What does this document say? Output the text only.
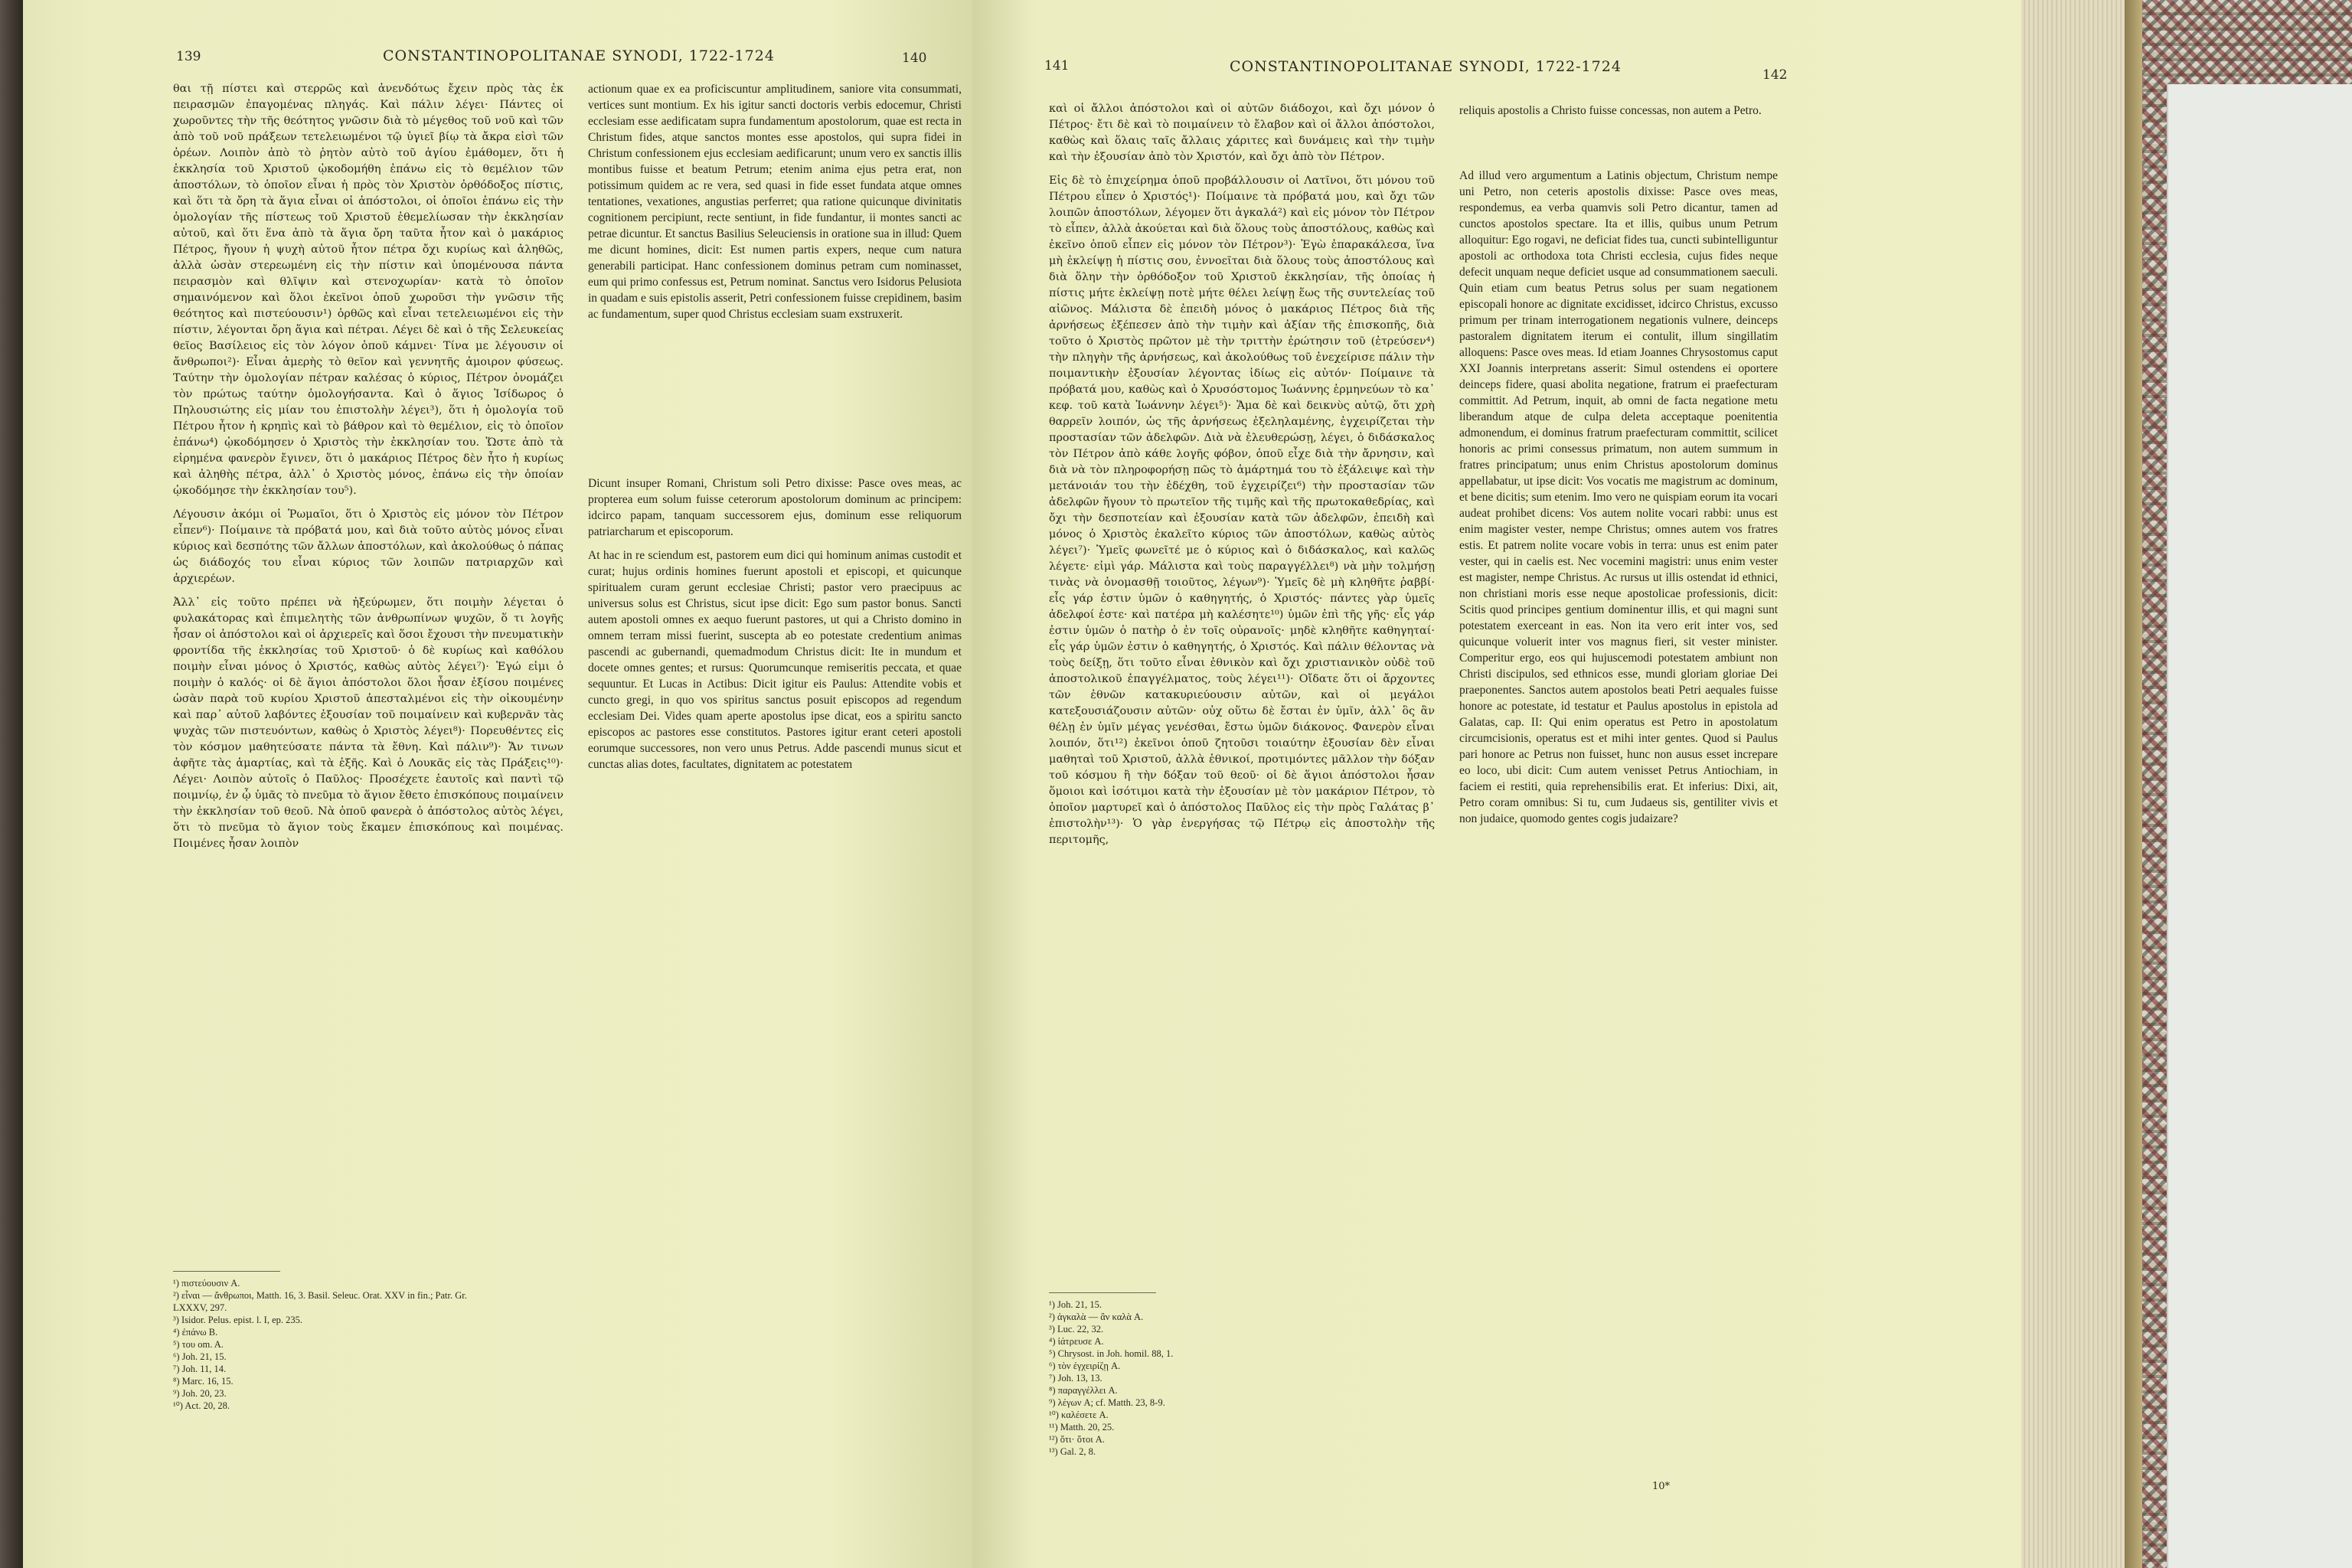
139	CONSTANTINOPOLITANAE SYNODI, 1722-1724	140

θαι τῇ πίστει καὶ στερρῶς καὶ ἀνενδότως ἔχειν πρὸς τὰς ἐκ πειρασμῶν ἐπαγομένας πληγάς. Καὶ πάλιν λέγει· Πάντες οἱ χωροῦντες τὴν τῆς θεότητος γνῶσιν διὰ τὸ μέγεθος τοῦ νοῦ καὶ τῶν ἀπὸ τοῦ νοῦ πράξεων τετελειωμένοι τῷ ὑγιεῖ βίῳ τὰ ἄκρα εἰσὶ τῶν ὀρέων. Λοιπὸν ἀπὸ τὸ ῥητὸν αὐτὸ τοῦ ἁγίου ἐμάθομεν, ὅτι ἡ ἐκκλησία τοῦ Χριστοῦ ᾠκοδομήθη ἐπάνω εἰς τὸ θεμέλιον τῶν ἀποστόλων, τὸ ὁποῖον εἶναι ἡ πρὸς τὸν Χριστὸν ὀρθόδοξος πίστις, καὶ ὅτι τὰ ὄρη τὰ ἅγια εἶναι οἱ ἀπόστολοι, οἱ ὁποῖοι ἐπάνω εἰς τὴν ὁμολογίαν τῆς πίστεως τοῦ Χριστοῦ ἐθεμελίωσαν τὴν ἐκκλησίαν αὐτοῦ, καὶ ὅτι ἕνα ἀπὸ τὰ ἅγια ὄρη ταῦτα ἦτον καὶ ὁ μακάριος Πέτρος, ἤγουν ἡ ψυχὴ αὐτοῦ ἦτον πέτρα ὄχι κυρίως καὶ ἀληθῶς, ἀλλὰ ὡσὰν στερεωμένη εἰς τὴν πίστιν καὶ ὑπομένουσα πάντα πειρασμὸν καὶ θλῖψιν καὶ στενοχωρίαν· κατὰ τὸ ὁποῖον σημαινόμενον καὶ ὅλοι ἐκεῖνοι ὁποῦ χωροῦσι τὴν γνῶσιν τῆς θεότητος καὶ πιστεύουσιν¹) ὀρθῶς καὶ εἶναι τετελειωμένοι εἰς τὴν πίστιν, λέγονται ὄρη ἅγια καὶ πέτραι. Λέγει δὲ καὶ ὁ τῆς Σελευκείας θεῖος Βασίλειος εἰς τὸν λόγον ὁποῦ κάμνει· Τίνα με λέγουσιν οἱ ἄνθρωποι²)· Εἶναι ἀμερὴς τὸ θεῖον καὶ γεννητῆς ἀμοιρον φύσεως. Ταύτην τὴν ὁμολογίαν πέτραν καλέσας ὁ κύριος, Πέτρον ὀνομάζει τὸν πρώτως ταύτην ὁμολογήσαντα. Καὶ ὁ ἅγιος Ἰσίδωρος ὁ Πηλουσιώτης εἰς μίαν του ἐπιστολὴν λέγει³), ὅτι ἡ ὁμολογία τοῦ Πέτρου ἦτον ἡ κρηπὶς καὶ τὸ βάθρον καὶ τὸ θεμέλιον, εἰς τὸ ὁποῖον ἐπάνω⁴) ᾠκοδόμησεν ὁ Χριστὸς τὴν ἐκκλησίαν του. Ὥστε ἀπὸ τὰ εἰρημένα φανερὸν ἔγινεν, ὅτι ὁ μακάριος Πέτρος δὲν ἦτο ἡ κυρίως καὶ ἀληθὴς πέτρα, ἀλλ᾽ ὁ Χριστὸς μόνος, ἐπάνω εἰς τὴν ὁποίαν ᾠκοδόμησε τὴν ἐκκλησίαν του⁵).

Λέγουσιν ἀκόμι οἱ Ῥωμαῖοι, ὅτι ὁ Χριστὸς εἰς μόνον τὸν Πέτρον εἶπεν⁶)· Ποίμαινε τὰ πρόβατά μου, καὶ διὰ τοῦτο αὐτὸς μόνος εἶναι κύριος καὶ δεσπότης τῶν ἄλλων ἀποστόλων, καὶ ἀκολούθως ὁ πάπας ὡς διάδοχός του εἶναι κύριος τῶν λοιπῶν πατριαρχῶν καὶ ἀρχιερέων.

Ἀλλ᾽ εἰς τοῦτο πρέπει νὰ ἠξεύρωμεν, ὅτι ποιμὴν λέγεται ὁ φυλακάτορας καὶ ἐπιμελητὴς τῶν ἀνθρωπίνων ψυχῶν, ὅ τι λογῆς ἦσαν οἱ ἀπόστολοι καὶ οἱ ἀρχιερεῖς καὶ ὅσοι ἔχουσι τὴν πνευματικὴν φροντίδα τῆς ἐκκλησίας τοῦ Χριστοῦ· ὁ δὲ κυρίως καὶ καθόλου ποιμὴν εἶναι μόνος ὁ Χριστός, καθὼς αὐτὸς λέγει⁷)· Ἐγώ εἰμι ὁ ποιμὴν ὁ καλός· οἱ δὲ ἅγιοι ἀπόστολοι ὅλοι ἦσαν ἐξίσου ποιμένες ὡσὰν παρὰ τοῦ κυρίου Χριστοῦ ἀπεσταλμένοι εἰς τὴν οἰκουμένην καὶ παρ᾽ αὐτοῦ λαβόντες ἐξουσίαν τοῦ ποιμαίνειν καὶ κυβερνᾶν τὰς ψυχὰς τῶν πιστευόντων, καθὼς ὁ Χριστὸς λέγει⁸)· Πορευθέντες εἰς τὸν κόσμον μαθητεύσατε πάντα τὰ ἔθνη. Καὶ πάλιν⁹)· Ἄν τινων ἀφῆτε τὰς ἁμαρτίας, καὶ τὰ ἑξῆς. Καὶ ὁ Λουκᾶς εἰς τὰς Πράξεις¹⁰)· Λέγει· Λοιπὸν αὐτοῖς ὁ Παῦλος· Προσέχετε ἑαυτοῖς καὶ παντὶ τῷ ποιμνίῳ, ἐν ᾧ ὑμᾶς τὸ πνεῦμα τὸ ἅγιον ἔθετο ἐπισκόπους ποιμαίνειν τὴν ἐκκλησίαν τοῦ θεοῦ. Νὰ ὁποῦ φανερὰ ὁ ἀπόστολος αὐτὸς λέγει, ὅτι τὸ πνεῦμα τὸ ἅγιον τοὺς ἔκαμεν ἐπισκόπους καὶ ποιμένας. Ποιμένες ἦσαν λοιπὸν

actionum quae ex ea proficiscuntur amplitudinem, saniore vita consummati, vertices sunt montium. Ex his igitur sancti doctoris verbis edocemur, Christi ecclesiam esse aedificatam supra fundamentum apostolorum, quae est recta in Christum fides, atque sanctos montes esse apostolos, qui supra fidei in Christum confessionem ejus ecclesiam aedificarunt; unum vero ex sanctis illis montibus fuisse et beatum Petrum; etenim anima ejus petra erat, non potissimum quidem ac re vera, sed quasi in fide esset fundata atque omnes tentationes, vexationes, angustias perferret; qua ratione quicunque divinitatis cognitionem percipiunt, recte sentiunt, in fide fundantur, ii montes sancti ac petrae dicuntur. Et sanctus Basilius Seleuciensis in oratione sua in illud: Quem me dicunt homines, dicit: Est numen partis expers, neque cum natura generabili participat. Hanc confessionem dominus petram cum nominasset, eum qui primo confessus est, Petrum nominat. Sanctus vero Isidorus Pelusiota in quadam e suis epistolis asserit, Petri confessionem fuisse crepidinem, basim ac fundamentum, super quod Christus ecclesiam suam exstruxerit.

Dicunt insuper Romani, Christum soli Petro dixisse: Pasce oves meas, ac propterea eum solum fuisse ceterorum apostolorum dominum ac principem: idcirco papam, tanquam successorem ejus, dominum esse reliquorum patriarcharum et episcoporum.

At hac in re sciendum est, pastorem eum dici qui hominum animas custodit et curat; hujus ordinis homines fuerunt apostoli et episcopi, et quicunque spiritualem curam gerunt ecclesiae Christi; pastor vero praecipuus ac universus solus est Christus, sicut ipse dicit: Ego sum pastor bonus. Sancti autem apostoli omnes ex aequo fuerunt pastores, ut qui a Christo domino in omnem terram missi fuerint, suscepta ab eo potestate credentium animas pascendi ac gubernandi, quemadmodum Christus dicit: Ite in mundum et docete omnes gentes; et rursus: Quorumcunque remiseritis peccata, et quae sequuntur. Et Lucas in Actibus: Dicit igitur eis Paulus: Attendite vobis et cuncto gregi, in quo vos spiritus sanctus posuit episcopos ad regendum ecclesiam Dei. Vides quam aperte apostolus ipse dicat, eos a spiritu sancto episcopos ac pastores esse constitutos. Pastores igitur erant ceteri apostoli eorumque successores, non vero unus Petrus. Adde pascendi munus sicut et cunctas alias dotes, facultates, dignitatem ac potestatem

¹) πιστεύουσιν A.
²) εἶναι — ἄνθρωποι, Matth. 16, 3. Basil. Seleuc. Orat. XXV in fin.; Patr. Gr. LXXXV, 297.
³) Isidor. Pelus. epist. l. I, ep. 235.
⁴) ἐπάνω B.
⁵) του om. A.
⁶) Joh. 21, 15.
⁷) Joh. 11, 14.
⁸) Marc. 16, 15.
⁹) Joh. 20, 23.
¹⁰) Act. 20, 28.
141	CONSTANTINOPOLITANAE SYNODI, 1722-1724	142

καὶ οἱ ἄλλοι ἀπόστολοι καὶ οἱ αὐτῶν διάδοχοι, καὶ ὄχι μόνον ὁ Πέτρος· ἔτι δὲ καὶ τὸ ποιμαίνειν τὸ ἔλαβον καὶ οἱ ἄλλοι ἀπόστολοι, καθὼς καὶ ὅλαις ταῖς ἄλλαις χάριτες καὶ δυνάμεις καὶ τὴν τιμὴν καὶ τὴν ἐξουσίαν ἀπὸ τὸν Χριστόν, καὶ ὄχι ἀπὸ τὸν Πέτρον.

Εἰς δὲ τὸ ἐπιχείρημα ὁποῦ προβάλλουσιν οἱ Λατῖνοι, ὅτι μόνου τοῦ Πέτρου εἶπεν ὁ Χριστός¹)· Ποίμαινε τὰ πρόβατά μου, καὶ ὄχι τῶν λοιπῶν ἀποστόλων, λέγομεν ὅτι ἀγκαλά²) καὶ εἰς μόνον τὸν Πέτρον τὸ εἶπεν, ἀλλὰ ἀκούεται καὶ διὰ ὅλους τοὺς ἀποστόλους, καθὼς καὶ ἐκεῖνο ὁποῦ εἶπεν εἰς μόνον τὸν Πέτρον³)· Ἐγὼ ἐπαρακάλεσα, ἵνα μὴ ἐκλείψῃ ἡ πίστις σου, ἐννοεῖται διὰ ὅλους τοὺς ἀποστόλους καὶ διὰ ὅλην τὴν ὀρθόδοξον τοῦ Χριστοῦ ἐκκλησίαν, τῆς ὁποίας ἡ πίστις μήτε ἐκλείψῃ ποτὲ μήτε θέλει λείψῃ ἕως τῆς συντελείας τοῦ αἰῶνος. Μάλιστα δὲ ἐπειδὴ μόνος ὁ μακάριος Πέτρος διὰ τῆς ἀρνήσεως ἐξέπεσεν ἀπὸ τὴν τιμὴν καὶ ἀξίαν τῆς ἐπισκοπῆς, διὰ τοῦτο ὁ Χριστὸς πρῶτον μὲ τὴν τριττὴν ἐρώτησιν τοῦ (ἐτρεύσεν⁴) τὴν πληγὴν τῆς ἀρνήσεως, καὶ ἀκολούθως τοῦ ἐνεχείρισε πάλιν τὴν ποιμαντικὴν ἐξουσίαν λέγοντας ἰδίως εἰς αὐτόν· Ποίμαινε τὰ πρόβατά μου, καθὼς καὶ ὁ Χρυσόστομος Ἰωάννης ἑρμηνεύων τὸ κα᾽ κεφ. τοῦ κατὰ Ἰωάννην λέγει⁵)· Ἅμα δὲ καὶ δεικνὺς αὐτῷ, ὅτι χρὴ θαρρεῖν λοιπόν, ὡς τῆς ἀρνήσεως ἐξεληλαμένης, ἐγχειρίζεται τὴν προστασίαν τῶν ἀδελφῶν. Διὰ νὰ ἐλευθερώσῃ, λέγει, ὁ διδάσκαλος τὸν Πέτρον ἀπὸ κάθε λογῆς φόβον, ὁποῦ εἶχε διὰ τὴν ἄρνησιν, καὶ διὰ νὰ τὸν πληροφορήσῃ πῶς τὸ ἁμάρτημά του τὸ ἐξάλειψε καὶ τὴν μετάνοιάν του τὴν ἐδέχθη, τοῦ ἐγχειρίζει⁶) τὴν προστασίαν τῶν ἀδελφῶν ἤγουν τὸ πρωτεῖον τῆς τιμῆς καὶ τῆς πρωτοκαθεδρίας, καὶ ὄχι τὴν δεσποτείαν καὶ ἐξουσίαν κατὰ τῶν ἀδελφῶν, ἐπειδὴ καὶ μόνος ὁ Χριστὸς ἐκαλεῖτο κύριος τῶν ἀποστόλων, καθὼς αὐτὸς λέγει⁷)· Ὑμεῖς φωνεῖτέ με ὁ κύριος καὶ ὁ διδάσκαλος, καὶ καλῶς λέγετε· εἰμὶ γάρ. Μάλιστα καὶ τοὺς παραγγέλλει⁸) νὰ μὴν τολμήσῃ τινὰς νὰ ὀνομασθῇ τοιοῦτος, λέγων⁹)· Ὑμεῖς δὲ μὴ κληθῆτε ῥαββί· εἷς γάρ ἐστιν ὑμῶν ὁ καθηγητής, ὁ Χριστός· πάντες γὰρ ὑμεῖς ἀδελφοί ἐστε· καὶ πατέρα μὴ καλέσητε¹⁰) ὑμῶν ἐπὶ τῆς γῆς· εἷς γάρ ἐστιν ὑμῶν ὁ πατὴρ ὁ ἐν τοῖς οὐρανοῖς· μηδὲ κληθῆτε καθηγηταί· εἷς γάρ ὑμῶν ἐστιν ὁ καθηγητής, ὁ Χριστός. Καὶ πάλιν θέλοντας νὰ τοὺς δείξῃ, ὅτι τοῦτο εἶναι ἐθνικὸν καὶ ὄχι χριστιανικὸν οὐδὲ τοῦ ἀποστολικοῦ ἐπαγγέλματος, τοὺς λέγει¹¹)· Οἴδατε ὅτι οἱ ἄρχοντες τῶν ἐθνῶν κατακυριεύουσιν αὐτῶν, καὶ οἱ μεγάλοι κατεξουσιάζουσιν αὐτῶν· οὐχ οὕτω δὲ ἔσται ἐν ὑμῖν, ἀλλ᾽ ὃς ἂν θέλῃ ἐν ὑμῖν μέγας γενέσθαι, ἔστω ὑμῶν διάκονος. Φανερὸν εἶναι λοιπόν, ὅτι¹²) ἐκεῖνοι ὁποῦ ζητοῦσι τοιαύτην ἐξουσίαν δὲν εἶναι μαθηταὶ τοῦ Χριστοῦ, ἀλλὰ ἐθνικοί, προτιμόντες μᾶλλον τὴν δόξαν τοῦ κόσμου ἢ τὴν δόξαν τοῦ θεοῦ· οἱ δὲ ἅγιοι ἀπόστολοι ἦσαν ὅμοιοι καὶ ἰσότιμοι κατὰ τὴν ἐξουσίαν μὲ τὸν μακάριον Πέτρον, τὸ ὁποῖον μαρτυρεῖ καὶ ὁ ἀπόστολος Παῦλος εἰς τὴν πρὸς Γαλάτας β᾽ ἐπιστολὴν¹³)· Ὁ γὰρ ἐνεργήσας τῷ Πέτρῳ εἰς ἀποστολὴν τῆς περιτομῆς,

reliquis apostolis a Christo fuisse concessas, non autem a Petro.

Ad illud vero argumentum a Latinis objectum, Christum nempe uni Petro, non ceteris apostolis dixisse: Pasce oves meas, respondemus, ea verba quamvis soli Petro dicantur, tamen ad cunctos apostolos spectare. Ita et illis, quibus unum Petrum alloquitur: Ego rogavi, ne deficiat fides tua, cuncti subintelliguntur apostoli ac orthodoxa tota Christi ecclesia, cujus fides neque defecit unquam neque deficiet usque ad consummationem saeculi. Quin etiam cum beatus Petrus solus per suam negationem episcopali honore ac dignitate excidisset, idcirco Christus, excusso primum per trinam interrogationem negationis vulnere, deinceps pastoralem dignitatem iterum ei contulit, illum singillatim alloquens: Pasce oves meas. Id etiam Joannes Chrysostomus caput XXI Joannis interpretans asserit: Simul ostendens ei oportere deinceps fidere, quasi abolita negatione, fratrum ei praefecturam committit. Ad Petrum, inquit, ab omni de facta negatione metu liberandum atque de culpa deleta acceptaque poenitentia admonendum, ei dominus fratrum praefecturam committit, scilicet honoris ac primi consessus primatum, non autem summum in fratres principatum; unus enim Christus apostolorum dominus appellabatur, ut ipse dicit: Vos vocatis me magistrum ac dominum, et bene dicitis; sum etenim. Imo vero ne quispiam eorum ita vocari audeat prohibet dicens: Vos autem nolite vocari rabbi: unus est enim magister vester, nempe Christus; omnes autem vos fratres estis. Et patrem nolite vocare vobis in terra: unus est enim pater vester, qui in caelis est. Nec vocemini magistri: unus enim vester est magister, nempe Christus. Ac rursus ut illis ostendat id ethnici, non christiani moris esse neque apostolicae professionis, dicit: Scitis quod principes gentium dominentur illis, et qui magni sunt potestatem exerceant in eas. Non ita vero erit inter vos, sed quicunque voluerit inter vos magnus fieri, sit vester minister. Comperitur ergo, eos qui hujuscemodi potestatem ambiunt non Christi discipulos, sed ethnicos esse, mundi gloriam gloriae Dei praeponentes. Sanctos autem apostolos beati Petri aequales fuisse honore ac potestate, id testatur et Paulus apostolus in epistola ad Galatas, cap. II: Qui enim operatus est Petro in apostolatum circumcisionis, operatus est et mihi inter gentes. Quod si Paulus pari honore ac Petrus non fuisset, hunc non ausus esset increpare eo loco, ubi dicit: Cum autem venisset Petrus Antiochiam, in faciem ei restiti, quia reprehensibilis erat. Et inferius: Dixi, ait, Petro coram omnibus: Si tu, cum Judaeus sis, gentiliter vivis et non judaice, quomodo gentes cogis judaizare?

¹) Joh. 21, 15.
²) ἀγκαλὰ — ἂν καλὰ A.
³) Luc. 22, 32.
⁴) ἰάτρευσε A.
⁵) Chrysost. in Joh. homil. 88, 1.
⁶) τὸν ἐγχειρίζῃ A.
⁷) Joh. 13, 13.
⁸) παραγγέλλει A.
⁹) λέγων A; cf. Matth. 23, 8-9.
¹⁰) καλέσετε A.
¹¹) Matth. 20, 25.
¹²) ὅτι· ὅτοι A.
¹³) Gal. 2, 8.
10*
